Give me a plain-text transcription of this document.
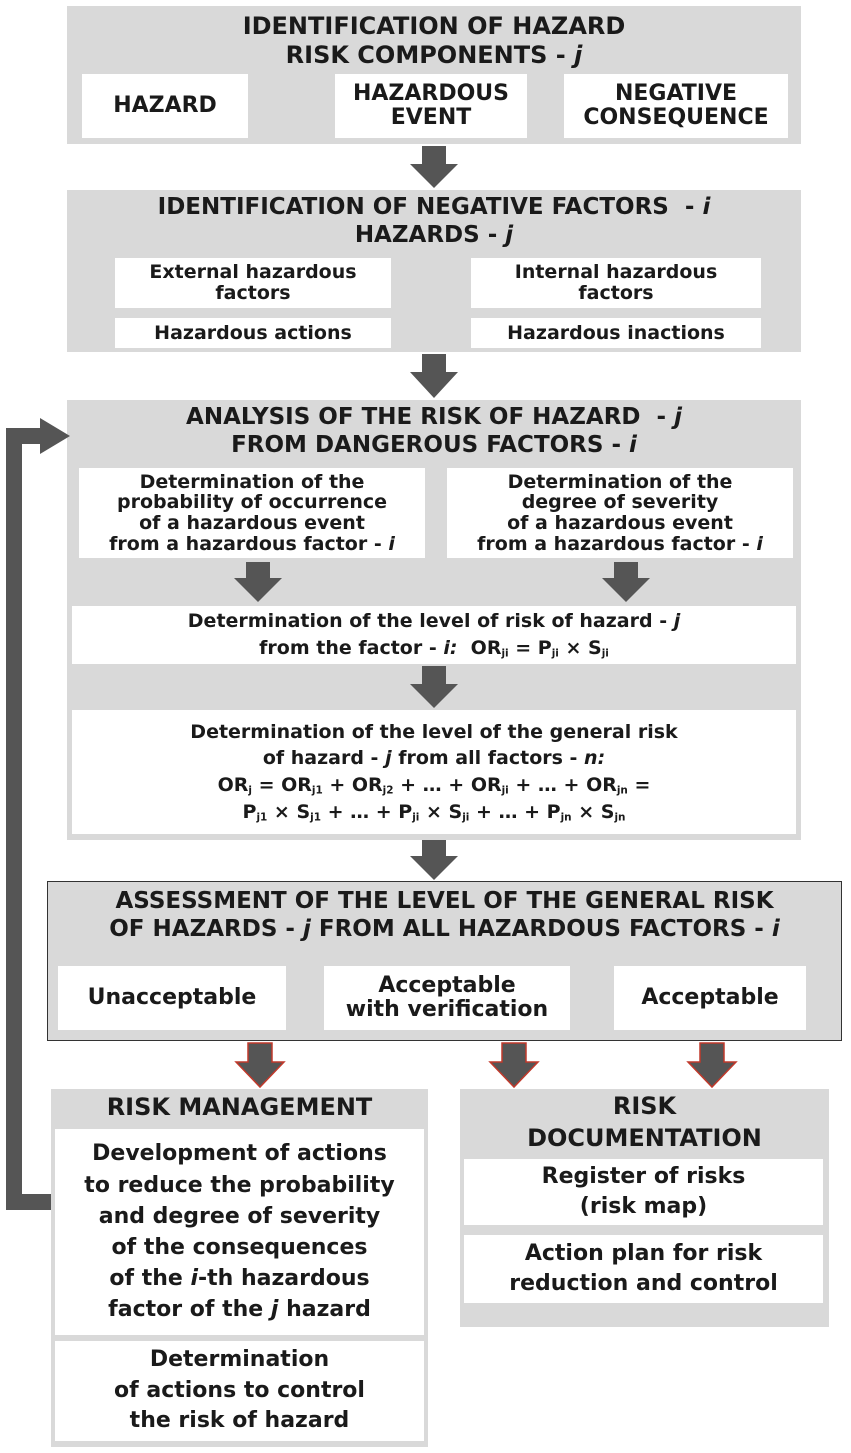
IDENTIFICATION OF HAZARD
RISK COMPONENTS - j
HAZARD	HAZARDOUS
EVENT
NEGATIVE
CONSEQUENCE
IDENTIFICATION OF NEGATIVE FACTORS  - i
HAZARDS - j
External hazardous
factors
Internal hazardous
factors
Hazardous actions	Hazardous inactions
ANALYSIS OF THE RISK OF HAZARD  - j
FROM DANGEROUS FACTORS - i
Determination of the
probability of occurrence
of a hazardous event
from a hazardous factor - i
Determination of the
degree of severity
of a hazardous event
from a hazardous factor - i
Determination of the level of risk of hazard - j
from the factor - i:  $OR_{ji} = P_{ji} \times S_{ji}$
Determination of the level of the general risk
of hazard - j from all factors - n:
$OR_j = OR_{j1} + OR_{j2}$ + … + $OR_{ji}$ + … + $OR_{jn}$ =
$P_{j1} \times S_{j1}$ + … + $P_{ji} \times S_{ji}$ + … + $P_{jn} \times S_{jn}$
ASSESSMENT OF THE LEVEL OF THE GENERAL RISK
OF HAZARDS - j FROM ALL HAZARDOUS FACTORS - i
Unacceptable	Acceptable
with verification	Acceptable
RISK MANAGEMENT
Development of actions
to reduce the probability
and degree of severity
of the consequences
of the i-th hazardous
factor of the j hazard
Determination
of actions to control
the risk of hazard
RISK
DOCUMENTATION
Register of risks
(risk map)
Action plan for risk
reduction and control
